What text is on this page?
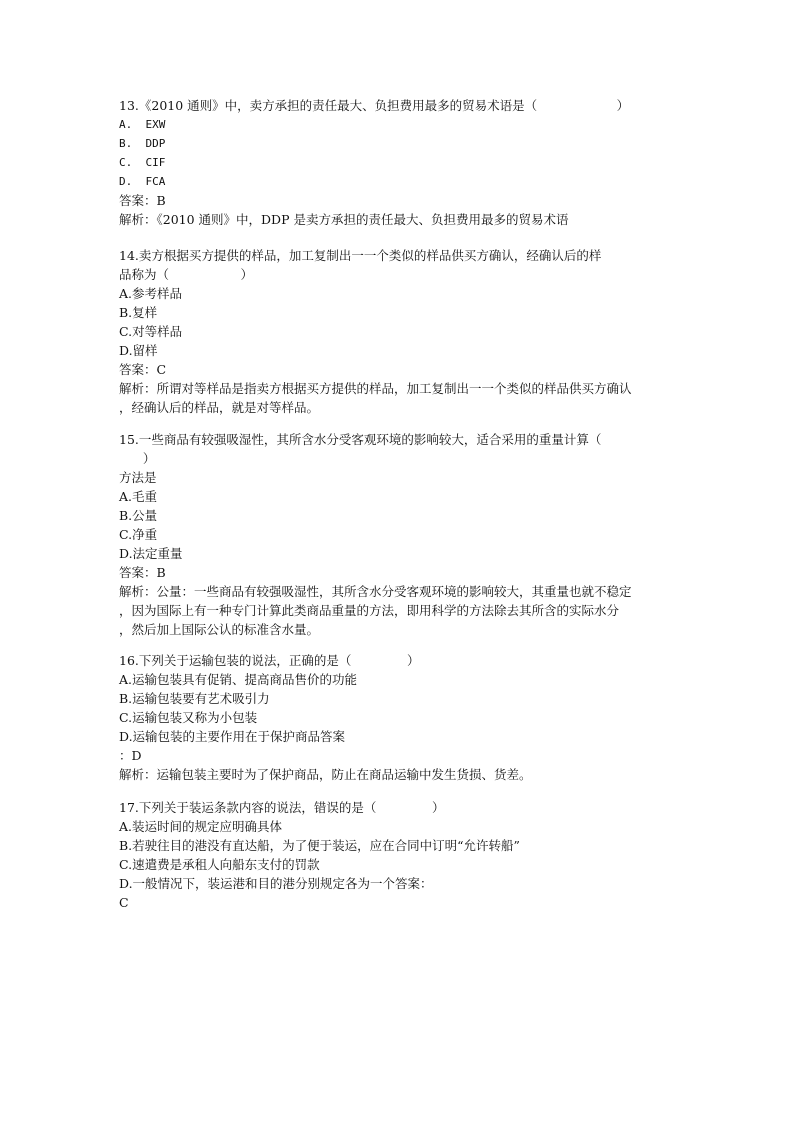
13.《2010 通则》中，卖方承担的责任最大、负担费用最多的贸易术语是（                    ）
A.  EXW
B.  DDP
C.  CIF
D.  FCA
答案：B
解析：《2010 通则》中，DDP 是卖方承担的责任最大、负担费用最多的贸易术语
14.卖方根据买方提供的样品，加工复制出一一个类似的样品供买方确认，经确认后的样
品称为（                  ）
A.参考样品
B.复样
C.对等样品
D.留样
答案：C
解析：所谓对等样品是指卖方根据买方提供的样品，加工复制出一一个类似的样品供买方确认
，经确认后的样品，就是对等样品。
15.一些商品有较强吸湿性，其所含水分受客观环境的影响较大，适合采用的重量计算（
）
方法是
A.毛重
B.公量
C.净重
D.法定重量
答案：B
解析：公量：一些商品有较强吸湿性，其所含水分受客观环境的影响较大，其重量也就不稳定
，因为国际上有一种专门计算此类商品重量的方法，即用科学的方法除去其所含的实际水分
，然后加上国际公认的标准含水量。
16.下列关于运输包装的说法，正确的是（              ）
A.运输包装具有促销、提高商品售价的功能
B.运输包装要有艺术吸引力
C.运输包装又称为小包装
D.运输包装的主要作用在于保护商品答案
：D
解析：运输包装主要时为了保护商品，防止在商品运输中发生货损、货差。
17.下列关于装运条款内容的说法，错误的是（              ）
A.装运时间的规定应明确具体
B.若驶往目的港没有直达船，为了便于装运，应在合同中订明“允许转船”
C.速遣费是承租人向船东支付的罚款
D.一般情况下，装运港和目的港分别规定各为一个答案：
C
